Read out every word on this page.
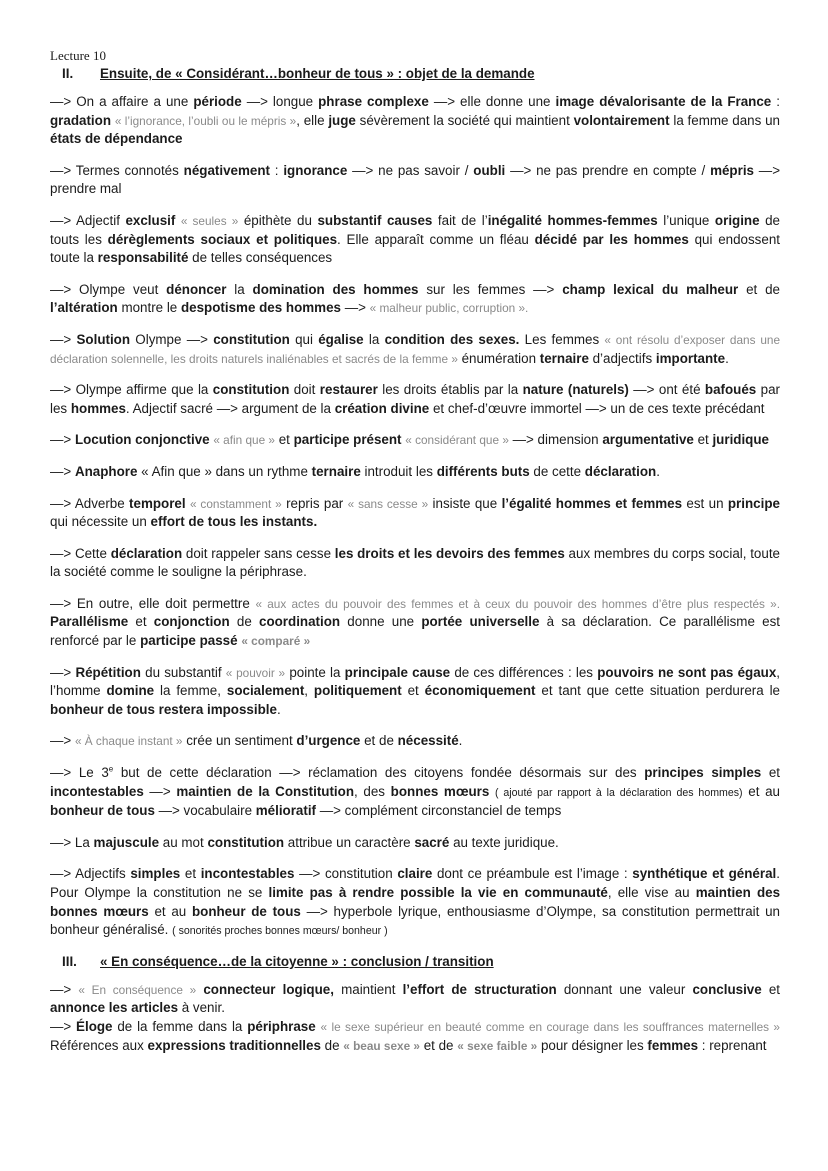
Lecture 10
II. Ensuite, de « Considérant…bonheur de tous » : objet de la demande

—> On a affaire a une période —> longue phrase complexe —> elle donne une image dévalorisante de la France : gradation « l’ignorance, l’oubli ou le mépris », elle juge sévèrement la société qui maintient volontairement la femme dans un états de dépendance

—> Termes connotés négativement : ignorance —> ne pas savoir / oubli —> ne pas prendre en compte / mépris —> prendre mal

—> Adjectif exclusif « seules » épithète du substantif causes fait de l’inégalité hommes-femmes l’unique origine de touts les dérèglements sociaux et politiques. Elle apparaît comme un fléau décidé par les hommes qui endossent toute la responsabilité de telles conséquences

—> Olympe veut dénoncer la domination des hommes sur les femmes —> champ lexical du malheur et de l’altération montre le despotisme des hommes —> « malheur public, corruption ».

—> Solution Olympe —> constitution qui égalise la condition des sexes. Les femmes « ont résolu d’exposer dans une déclaration solennelle, les droits naturels inaliénables et sacrés de la femme » énumération ternaire d’adjectifs importante.

—> Olympe affirme que la constitution doit restaurer les droits établis par la nature (naturels) —> ont été bafoués par les hommes. Adjectif sacré —> argument de la création divine et chef-d’œuvre immortel —> un de ces texte précédant

—> Locution conjonctive « afin que » et participe présent « considérant que » —> dimension argumentative et juridique

—> Anaphore « Afin que » dans un rythme ternaire introduit les différents buts de cette déclaration.

—> Adverbe temporel « constamment » repris par « sans cesse » insiste que l’égalité hommes et femmes est un principe qui nécessite un effort de tous les instants.

—> Cette déclaration doit rappeler sans cesse les droits et les devoirs des femmes aux membres du corps social, toute la société comme le souligne la périphrase.

—> En outre, elle doit permettre « aux actes du pouvoir des femmes et à ceux du pouvoir des hommes d’être plus respectés ». Parallélisme et conjonction de coordination donne une portée universelle à sa déclaration. Ce parallélisme est renforcé par le participe passé « comparé »

—> Répétition du substantif « pouvoir » pointe la principale cause de ces différences : les pouvoirs ne sont pas égaux, l’homme domine la femme, socialement, politiquement et économiquement et tant que cette situation perdurera le bonheur de tous restera impossible.

—> « À chaque instant » crée un sentiment d’urgence et de nécessité.

—> Le 3e but de cette déclaration —> réclamation des citoyens fondée désormais sur des principes simples et incontestables —> maintien de la Constitution, des bonnes mœurs ( ajouté par rapport à la déclaration des hommes) et au bonheur de tous —> vocabulaire mélioratif —> complément circonstanciel de temps

—> La majuscule au mot constitution attribue un caractère sacré au texte juridique.

—> Adjectifs simples et incontestables —> constitution claire dont ce préambule est l’image : synthétique et général. Pour Olympe la constitution ne se limite pas à rendre possible la vie en communauté, elle vise au maintien des bonnes mœurs et au bonheur de tous —> hyperbole lyrique, enthousiasme d’Olympe, sa constitution permettrait un bonheur généralisé. ( sonorités proches bonnes mœurs/ bonheur )

III. « En conséquence…de la citoyenne » : conclusion / transition

—> « En conséquence » connecteur logique, maintient l’effort de structuration donnant une valeur conclusive et annonce les articles à venir.

—> Éloge de la femme dans la périphrase « le sexe supérieur en beauté comme en courage dans les souffrances maternelles » Références aux expressions traditionnelles de « beau sexe » et de « sexe faible » pour désigner les femmes : reprenant
